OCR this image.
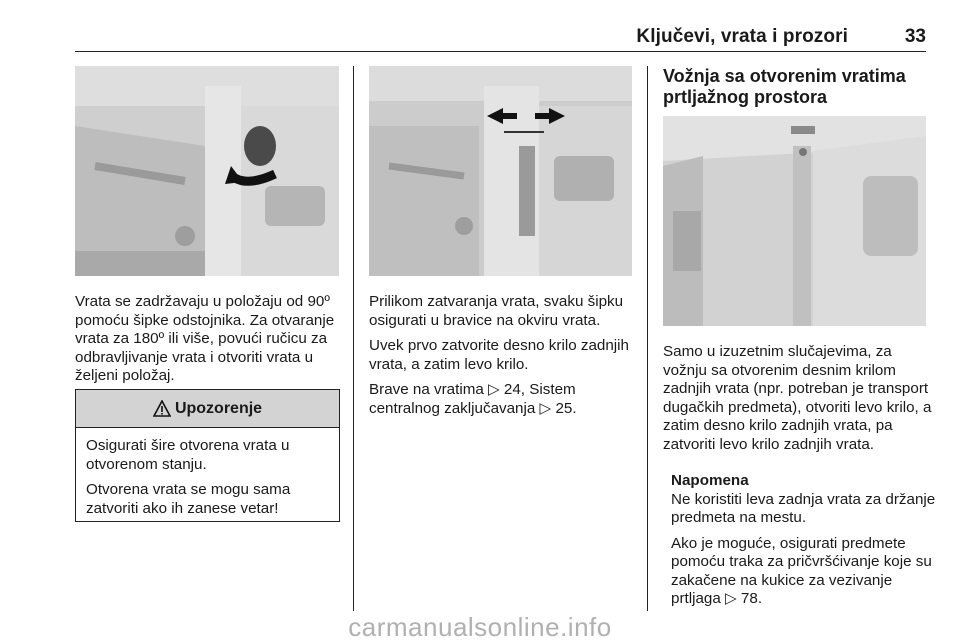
Ključevi, vrata i prozori	33
Vrata se zadržavaju u položaju od 90º pomoću šipke odstojnika. Za otvaranje vrata za 180º ili više, povući ručicu za odbravljivanje vrata i otvoriti vrata u željeni položaj.
Upozorenje

Osigurati šire otvorena vrata u otvorenom stanju.

Otvorena vrata se mogu sama zatvoriti ako ih zanese vetar!

Prilikom zatvaranja vrata, svaku šipku osigurati u bravice na okviru vrata.

Uvek prvo zatvorite desno krilo zadnjih vrata, a zatim levo krilo.

Brave na vratima ▷ 24, Sistem centralnog zaključavanja ▷ 25.

Vožnja sa otvorenim vratima prtljažnog prostora

Samo u izuzetnim slučajevima, za vožnju sa otvorenim desnim krilom zadnjih vrata (npr. potreban je transport dugačkih predmeta), otvoriti levo krilo, a zatim desno krilo zadnjih vrata, pa zatvoriti levo krilo zadnjih vrata.

Napomena

Ne koristiti leva zadnja vrata za držanje predmeta na mestu.

Ako je moguće, osigurati predmete pomoću traka za pričvršćivanje koje su zakačene na kukice za vezivanje prtljaga ▷ 78.

carmanualsonline.info
